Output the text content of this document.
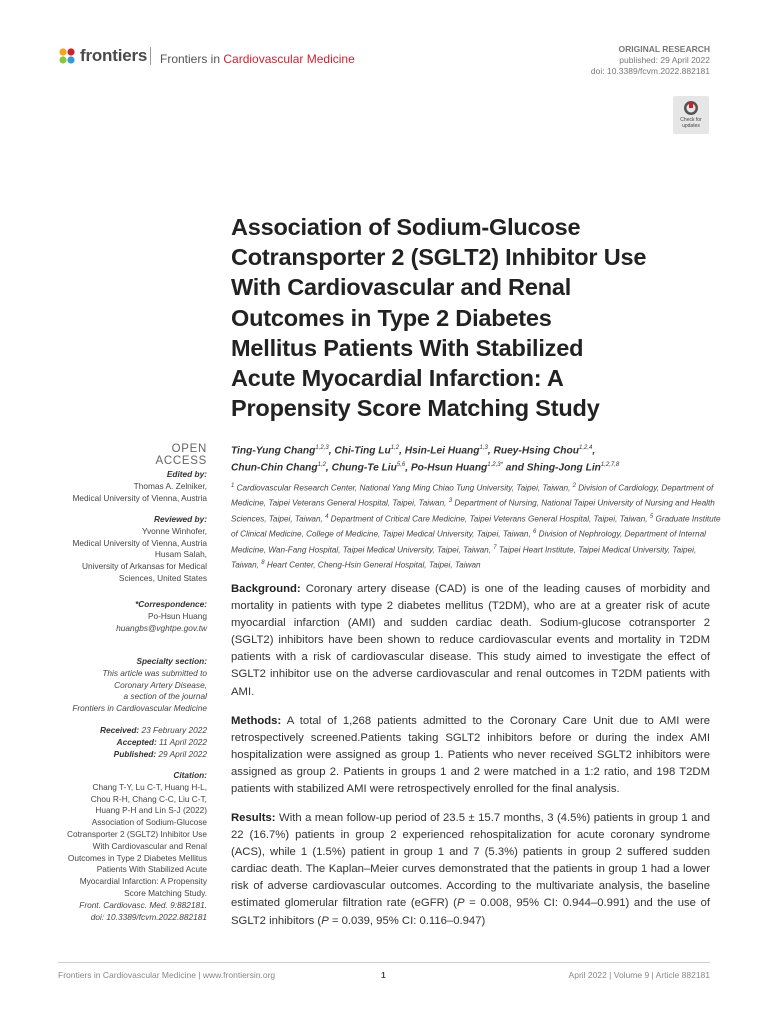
frontiers Frontiers in Cardiovascular Medicine
ORIGINAL RESEARCH
published: 29 April 2022
doi: 10.3389/fcvm.2022.882181
Check for
updates
Association of Sodium-Glucose
Cotransporter 2 (SGLT2) Inhibitor Use
With Cardiovascular and Renal
Outcomes in Type 2 Diabetes
Mellitus Patients With Stabilized
Acute Myocardial Infarction: A
Propensity Score Matching Study
Ting-Yung Chang$^{1,2,3}$, Chi-Ting Lu$^{1,2}$, Hsin-Lei Huang$^{1,3}$, Ruey-Hsing Chou$^{1,2,4}$,
Chun-Chin Chang$^{1,2}$, Chung-Te Liu$^{5,6}$, Po-Hsun Huang$^{1,2,3*}$ and Shing-Jong Lin$^{1,2,7,8}$
$^1$ Cardiovascular Research Center, National Yang Ming Chiao Tung University, Taipei, Taiwan, $^2$ Division of Cardiology, Department of Medicine, Taipei Veterans General Hospital, Taipei, Taiwan, $^3$ Department of Nursing, National Taipei University of Nursing and Health Sciences, Taipei, Taiwan, $^4$ Department of Critical Care Medicine, Taipei Veterans General Hospital, Taipei, Taiwan, $^5$ Graduate Institute of Clinical Medicine, College of Medicine, Taipei Medical University, Taipei, Taiwan, $^6$ Division of Nephrology, Department of Internal Medicine, Wan-Fang Hospital, Taipei Medical University, Taipei, Taiwan, $^7$ Taipei Heart Institute, Taipei Medical University, Taipei, Taiwan, $^8$ Heart Center, Cheng-Hsin General Hospital, Taipei, Taiwan
OPEN ACCESS
Edited by:
Thomas A. Zelniker,
Medical University of Vienna, Austria
Reviewed by:
Yvonne Winhofer,
Medical University of Vienna, Austria
Husam Salah,
University of Arkansas for Medical
Sciences, United States
*Correspondence:
Po-Hsun Huang
huangbs@vghtpe.gov.tw
Specialty section:
This article was submitted to
Coronary Artery Disease,
a section of the journal
Frontiers in Cardiovascular Medicine
Received: 23 February 2022
Accepted: 11 April 2022
Published: 29 April 2022
Citation:
Chang T-Y, Lu C-T, Huang H-L,
Chou R-H, Chang C-C, Liu C-T,
Huang P-H and Lin S-J (2022)
Association of Sodium-Glucose
Cotransporter 2 (SGLT2) Inhibitor Use
With Cardiovascular and Renal
Outcomes in Type 2 Diabetes Mellitus
Patients With Stabilized Acute
Myocardial Infarction: A Propensity
Score Matching Study.
Front. Cardiovasc. Med. 9:882181.
doi: 10.3389/fcvm.2022.882181
Background: Coronary artery disease (CAD) is one of the leading causes of morbidity and mortality in patients with type 2 diabetes mellitus (T2DM), who are at a greater risk of acute myocardial infarction (AMI) and sudden cardiac death. Sodium-glucose cotransporter 2 (SGLT2) inhibitors have been shown to reduce cardiovascular events and mortality in T2DM patients with a risk of cardiovascular disease. This study aimed to investigate the effect of SGLT2 inhibitor use on the adverse cardiovascular and renal outcomes in T2DM patients with AMI.
Methods: A total of 1,268 patients admitted to the Coronary Care Unit due to AMI were retrospectively screened.Patients taking SGLT2 inhibitors before or during the index AMI hospitalization were assigned as group 1. Patients who never received SGLT2 inhibitors were assigned as group 2. Patients in groups 1 and 2 were matched in a 1:2 ratio, and 198 T2DM patients with stabilized AMI were retrospectively enrolled for the final analysis.
Results: With a mean follow-up period of 23.5 ± 15.7 months, 3 (4.5%) patients in group 1 and 22 (16.7%) patients in group 2 experienced rehospitalization for acute coronary syndrome (ACS), while 1 (1.5%) patient in group 1 and 7 (5.3%) patients in group 2 suffered sudden cardiac death. The Kaplan–Meier curves demonstrated that the patients in group 1 had a lower risk of adverse cardiovascular outcomes. According to the multivariate analysis, the baseline estimated glomerular filtration rate (eGFR) (P = 0.008, 95% CI: 0.944–0.991) and the use of SGLT2 inhibitors (P = 0.039, 95% CI: 0.116–0.947)
Frontiers in Cardiovascular Medicine | www.frontiersin.org	1	April 2022 | Volume 9 | Article 882181
